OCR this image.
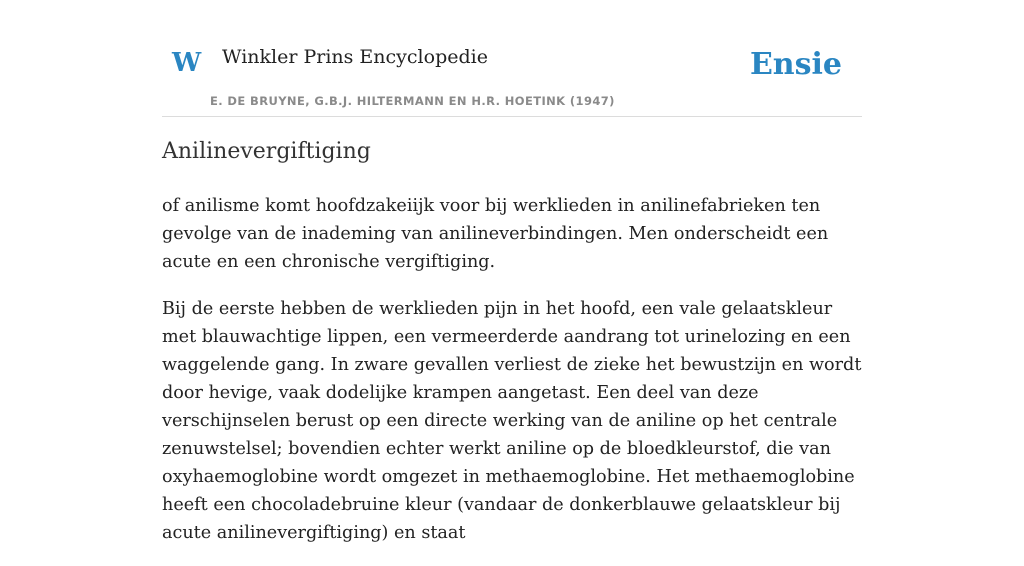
W Winkler Prins Encyclopedie
E. DE BRUYNE, G.B.J. HILTERMANN EN H.R. HOETINK (1947)
Ensie
Anilinevergiftiging

of anilisme komt hoofdzakeiijk voor bij werklieden in anilinefabrieken ten gevolge van de inademing van anilineverbindingen. Men onderscheidt een acute en een chronische vergiftiging.

Bij de eerste hebben de werklieden pijn in het hoofd, een vale gelaatskleur met blauwachtige lippen, een vermeerderde aandrang tot urinelozing en een waggelende gang. In zware gevallen verliest de zieke het bewustzijn en wordt door hevige, vaak dodelijke krampen aangetast. Een deel van deze verschijnselen berust op een directe werking van de aniline op het centrale zenuwstelsel; bovendien echter werkt aniline op de bloedkleurstof, die van oxyhaemoglobine wordt omgezet in methaemoglobine. Het methaemoglobine heeft een chocoladebruine kleur (vandaar de donkerblauwe gelaatskleur bij acute anilinevergiftiging) en staat
